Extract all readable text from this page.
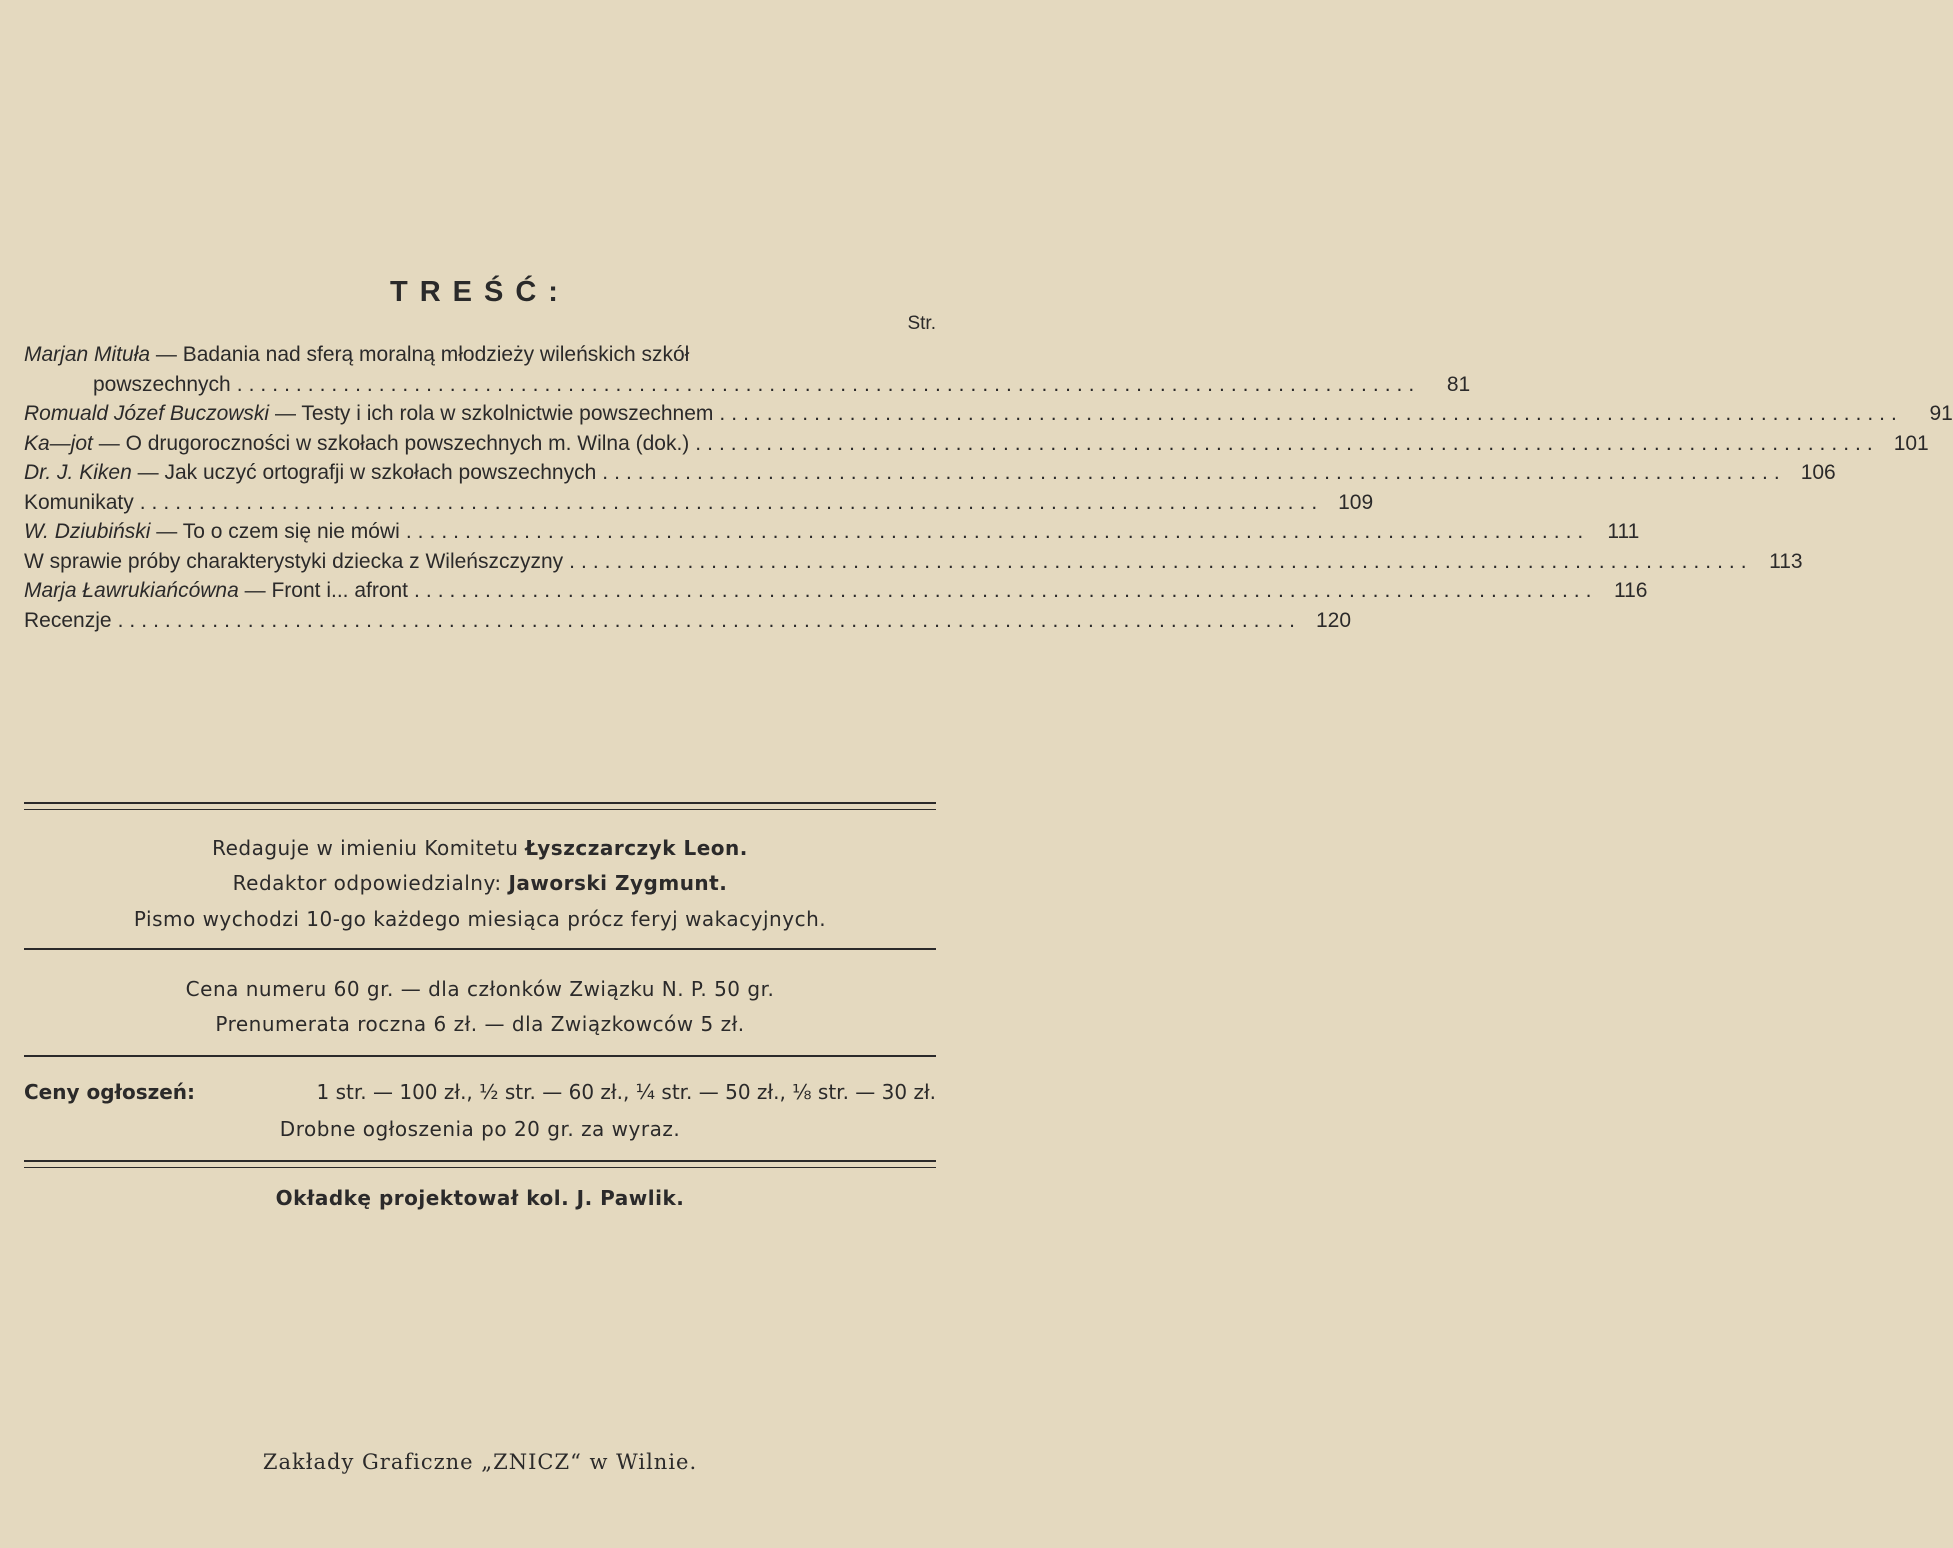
TREŚĆ:
Str.
Marjan Mituła — Badania nad sferą moralną młodzieży wileńskich szkół
powszechnych ....................................................................................................	81
Romuald Józef Buczowski — Testy i ich rola w szkolnictwie powszechnem ....................................................................................................	91
Ka—jot — O drugoroczności w szkołach powszechnych m. Wilna (dok.) .................................................................................................... 101
Dr. J. Kiken — Jak uczyć ortografji w szkołach powszechnych .................................................................................................... 106
Komunikaty .................................................................................................... 109
W. Dziubiński — To o czem się nie mówi .................................................................................................... 111
W sprawie próby charakterystyki dziecka z Wileńszczyzny .................................................................................................... 113
Marja Ławrukiańcówna — Front i... afront .................................................................................................... 116
Recenzje .................................................................................................... 120
Redaguje w imieniu Komitetu Łyszczarczyk Leon.
Redaktor odpowiedzialny: Jaworski Zygmunt.
Pismo wychodzi 10-go każdego miesiąca prócz feryj wakacyjnych.
Cena numeru 60 gr. — dla członków Związku N. P. 50 gr.
Prenumerata roczna 6 zł. — dla Związkowców 5 zł.
Ceny ogłoszeń:	1 str. — 100 zł., ½ str. — 60 zł., ¼ str. — 50 zł., ⅛ str. — 30 zł.
Drobne ogłoszenia po 20 gr. za wyraz.
Okładkę projektował kol. J. Pawlik.
Zakłady Graficzne „ZNICZ“ w Wilnie.
